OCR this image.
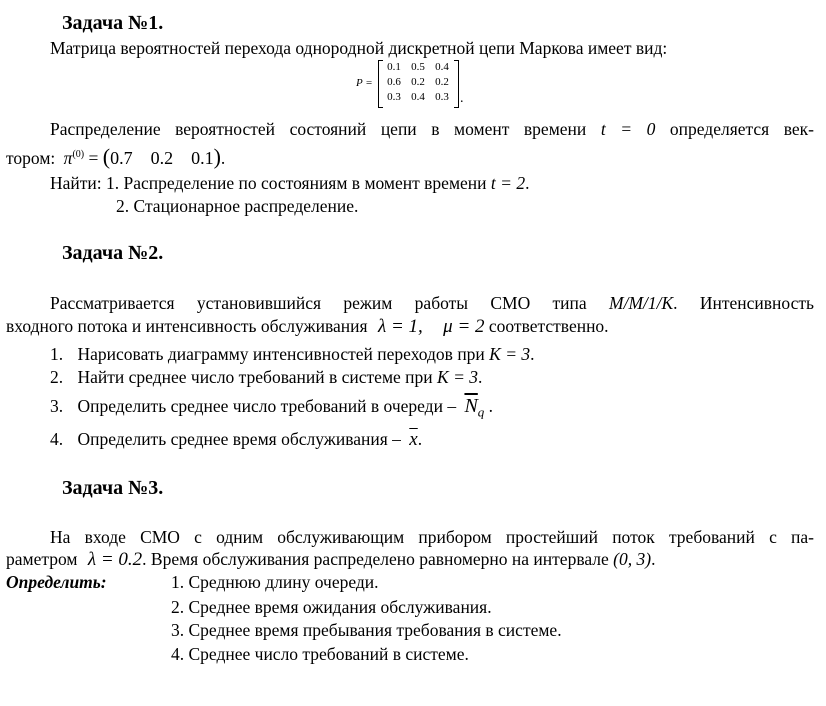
Задача №1.
Матрица вероятностей перехода однородной дискретной цепи Маркова имеет вид:
P =
0.1 0.5 0.4
0.6 0.2 0.2
0.3 0.4 0.3 .
Распределение вероятностей состояний цепи в момент времени t = 0 определяется век-
тором: $\pi^{(0)} = (0.7$    0.2    0.1).
Найти: 1. Распределение по состояниям в момент времени t = 2.
2. Стационарное распределение.
Задача №2.
Рассматривается установившийся режим работы СМО типа M/M/1/K. Интенсивность
входного потока и интенсивность обслуживания λ = 1, μ = 2 соответственно.
1. Нарисовать диаграмму интенсивностей переходов при K = 3.
2. Найти среднее число требований в системе при K = 3.
3. Определить среднее число требований в очереди – $\overline{N}_q$ .
4. Определить среднее время обслуживания – $\overline{x}$.
Задача №3.
На входе СМО с одним обслуживающим прибором простейший поток требований с па-
раметром λ = 0.2. Время обслуживания распределено равномерно на интервале (0, 3).
Определить:	1. Среднюю длину очереди.
2. Среднее время ожидания обслуживания.
3. Среднее время пребывания требования в системе.
4. Среднее число требований в системе.
